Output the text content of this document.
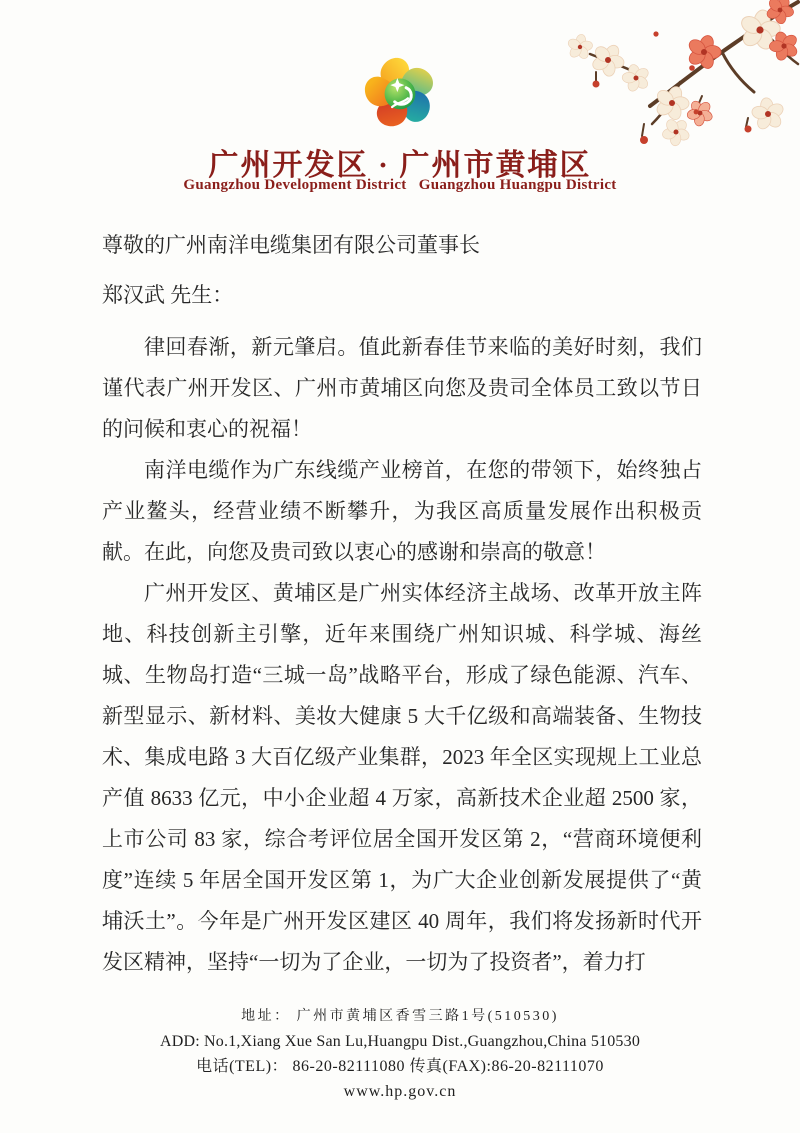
广州开发区 · 广州市黄埔区
Guangzhou Development District   Guangzhou Huangpu District
尊敬的广州南洋电缆集团有限公司董事长
郑汉武 先生：

律回春渐，新元肇启。值此新春佳节来临的美好时刻，我们谨代表广州开发区、广州市黄埔区向您及贵司全体员工致以节日的问候和衷心的祝福！

南洋电缆作为广东线缆产业榜首，在您的带领下，始终独占产业鳌头，经营业绩不断攀升，为我区高质量发展作出积极贡献。在此，向您及贵司致以衷心的感谢和崇高的敬意！

广州开发区、黄埔区是广州实体经济主战场、改革开放主阵地、科技创新主引擎，近年来围绕广州知识城、科学城、海丝城、生物岛打造“三城一岛”战略平台，形成了绿色能源、汽车、新型显示、新材料、美妆大健康 5 大千亿级和高端装备、生物技术、集成电路 3 大百亿级产业集群，2023 年全区实现规上工业总产值 8633 亿元，中小企业超 4 万家，高新技术企业超 2500 家，上市公司 83 家，综合考评位居全国开发区第 2，“营商环境便利度”连续 5 年居全国开发区第 1，为广大企业创新发展提供了“黄埔沃土”。今年是广州开发区建区 40 周年，我们将发扬新时代开发区精神，坚持“一切为了企业，一切为了投资者”，着力打

地址： 广州市黄埔区香雪三路1号(510530)
ADD: No.1,Xiang Xue San Lu,Huangpu Dist.,Guangzhou,China 510530
电话(TEL)： 86-20-82111080 传真(FAX):86-20-82111070
www.hp.gov.cn
